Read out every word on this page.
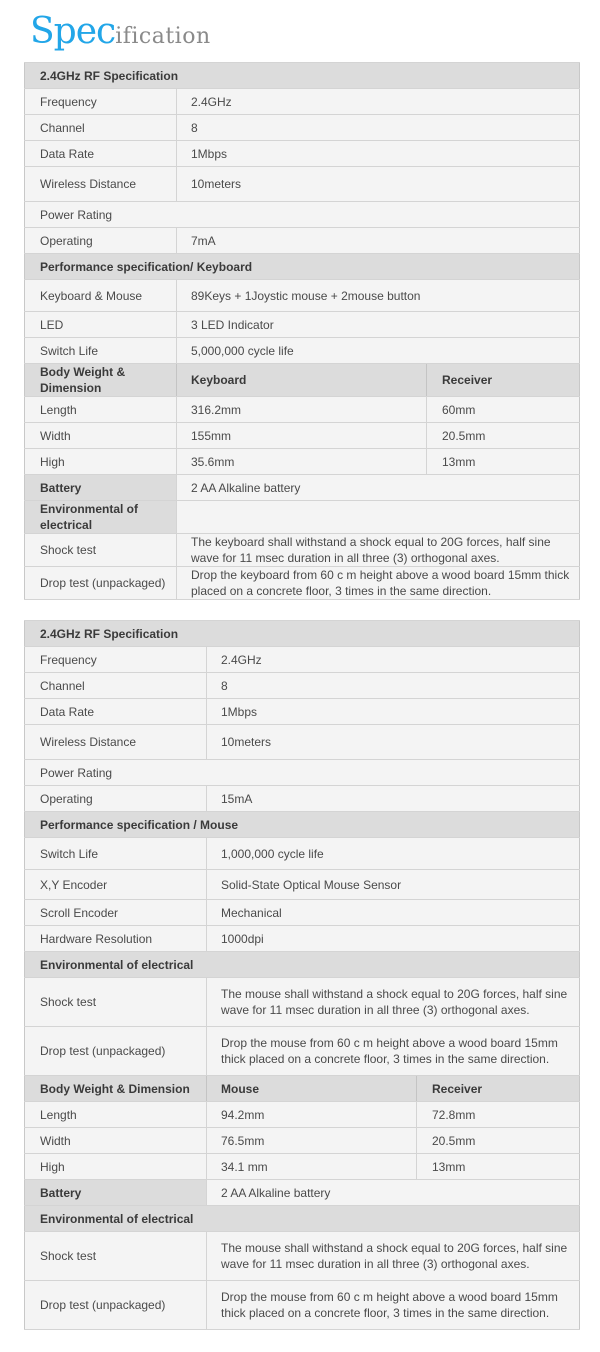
Specification
2.4GHz RF Specification		
Frequency	2.4GHz	
Channel	8	
Data Rate	1Mbps	
Wireless Distance	10meters	
Power Rating		
Operating	7mA	
Performance specification/ Keyboard		
Keyboard & Mouse	89Keys + 1Joystic mouse + 2mouse button	
LED	3 LED Indicator	
Switch Life	5,000,000 cycle life	
Body Weight & Dimension	Keyboard	Receiver
Length	316.2mm	60mm
Width	155mm	20.5mm
High	35.6mm	13mm
Battery	2 AA Alkaline battery	
Environmental of electrical		
Shock test	The keyboard shall withstand a shock equal to 20G forces, half sine wave for 11 msec duration in all three (3) orthogonal axes.	
Drop test (unpackaged)	Drop the keyboard from 60 c m height above a wood board 15mm thick placed on a concrete floor, 3 times in the same direction.	
2.4GHz RF Specification		
Frequency	2.4GHz	
Channel	8	
Data Rate	1Mbps	
Wireless Distance	10meters	
Power Rating		
Operating	15mA	
Performance specification / Mouse		
Switch Life	1,000,000 cycle life	
X,Y Encoder	Solid-State Optical Mouse Sensor	
Scroll Encoder	Mechanical	
Hardware Resolution	1000dpi	
Environmental of electrical		
Shock test	The mouse shall withstand a shock equal to 20G forces, half sine wave for 11 msec duration in all three (3) orthogonal axes.	
Drop test (unpackaged)	Drop the mouse from 60 c m height above a wood board 15mm thick placed on a concrete floor, 3 times in the same direction.	
Body Weight & Dimension	Mouse	Receiver
Length	94.2mm	72.8mm
Width	76.5mm	20.5mm
High	34.1 mm	13mm
Battery	2 AA Alkaline battery	
Environmental of electrical		
Shock test	The mouse shall withstand a shock equal to 20G forces, half sine wave for 11 msec duration in all three (3) orthogonal axes.	
Drop test (unpackaged)	Drop the mouse from 60 c m height above a wood board 15mm thick placed on a concrete floor, 3 times in the same direction.	
